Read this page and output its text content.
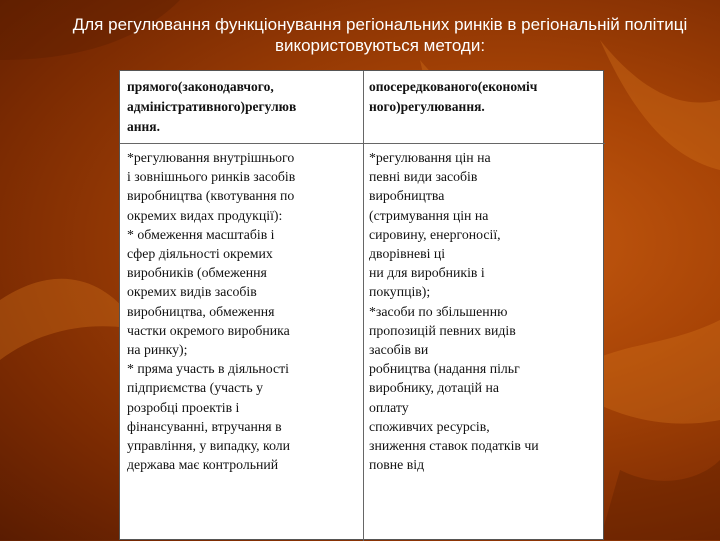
Для регулювання функціонування регіональних ринків в регіональній політиці
використовуються методи:
прямого(законодавчого,
адміністративного)регулюв
ання.
опосередкованого(економіч
ного)регулювання.
*регулювання внутрішнього
і зовнішнього ринків засобів
виробництва (квотування по
окремих видах продукції):
* обмеження масштабів і
сфер діяльності окремих
виробників (обмеження
окремих видів засобів
виробництва, обмеження
частки окремого виробника
на ринку);
* пряма участь в діяльності
підприємства (участь у
розробці проектів і
фінансуванні, втручання в
управління, у випадку, коли
держава має контрольний
*регулювання цін на
певні види засобів
виробництва
(стримування цін на
сировину, енергоносії,
дворівневі ці
ни для виробників і
покупців);
*засоби по збільшенню
пропозицій певних видів
засобів ви
робництва (надання пільг
виробнику, дотацій на
оплату
споживчих ресурсів,
зниження ставок податків чи
повне від
